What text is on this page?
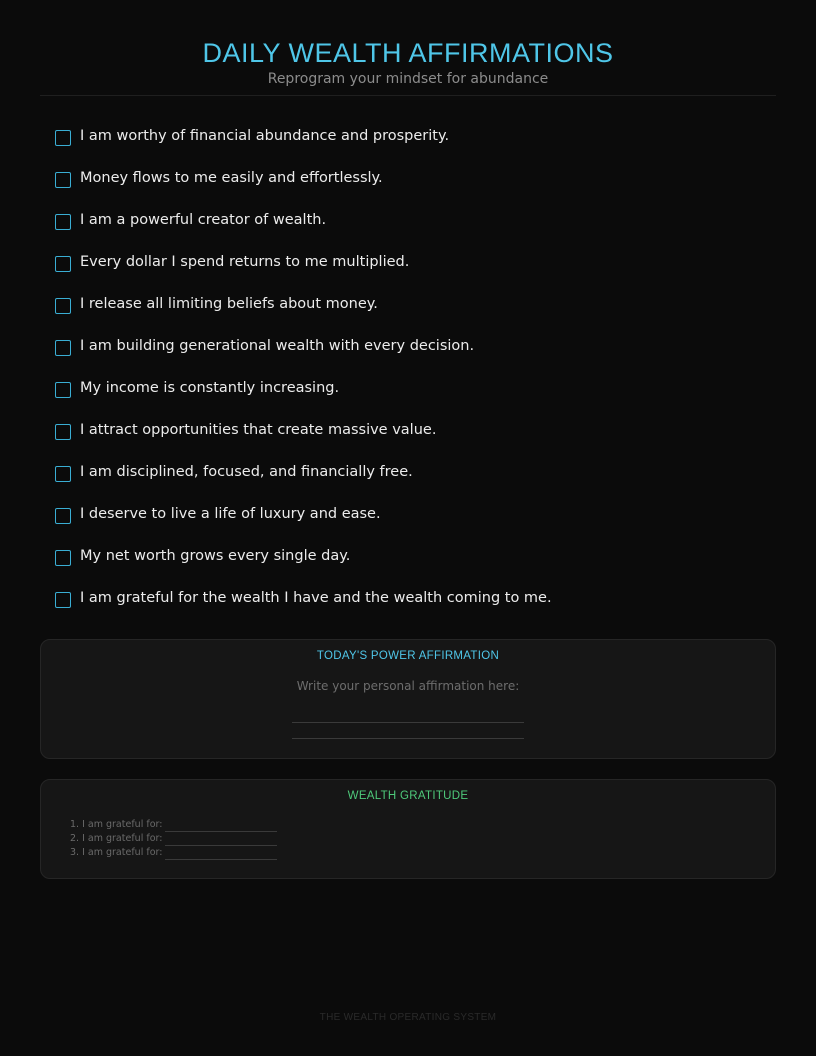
DAILY WEALTH AFFIRMATIONS
Reprogram your mindset for abundance
I am worthy of financial abundance and prosperity.
Money flows to me easily and effortlessly.
I am a powerful creator of wealth.
Every dollar I spend returns to me multiplied.
I release all limiting beliefs about money.
I am building generational wealth with every decision.
My income is constantly increasing.
I attract opportunities that create massive value.
I am disciplined, focused, and financially free.
I deserve to live a life of luxury and ease.
My net worth grows every single day.
I am grateful for the wealth I have and the wealth coming to me.
TODAY'S POWER AFFIRMATION
Write your personal affirmation here:
WEALTH GRATITUDE
1. I am grateful for:
2. I am grateful for:
3. I am grateful for:
THE WEALTH OPERATING SYSTEM
